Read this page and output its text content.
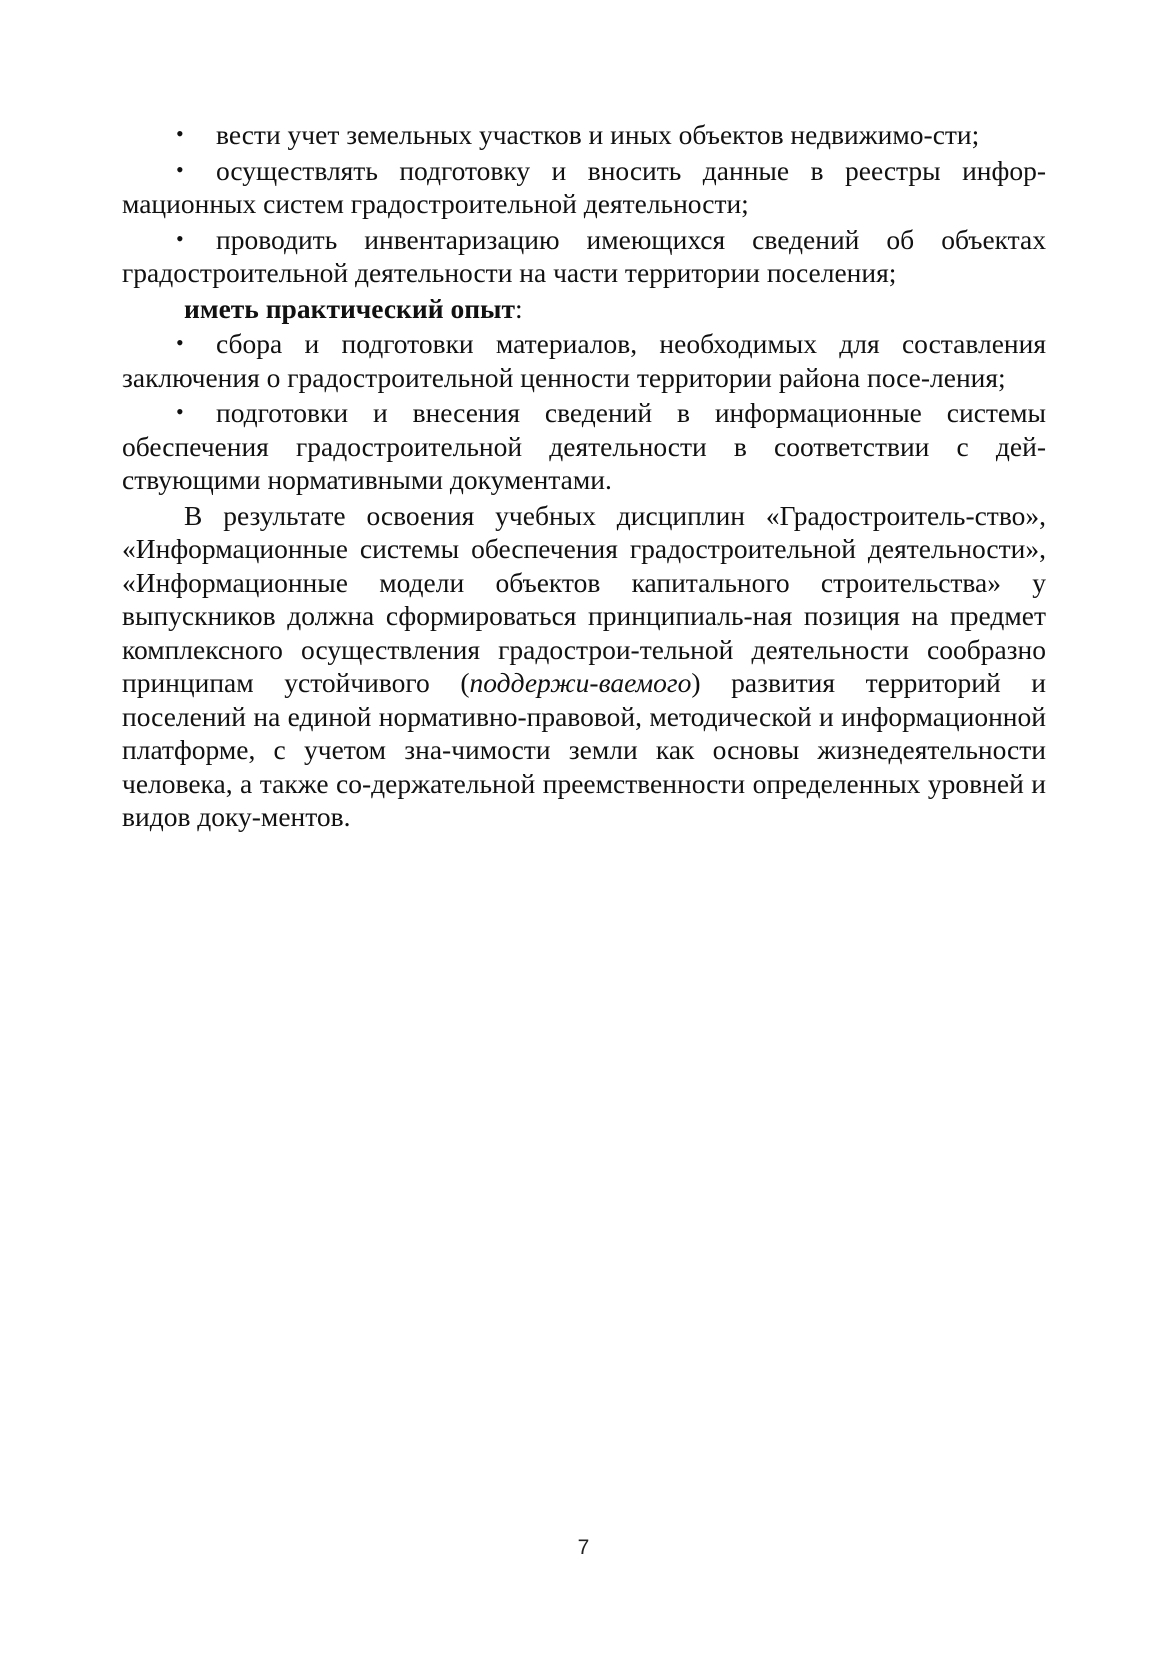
• вести учет земельных участков и иных объектов недвижимо-сти;

• осуществлять подготовку и вносить данные в реестры инфор-мационных систем градостроительной деятельности;

• проводить инвентаризацию имеющихся сведений об объектах градостроительной деятельности на части территории поселения;

иметь практический опыт:

• сбора и подготовки материалов, необходимых для составления заключения о градостроительной ценности территории района посе-ления;

• подготовки и внесения сведений в информационные системы обеспечения градостроительной деятельности в соответствии с дей-ствующими нормативными документами.

В результате освоения учебных дисциплин «Градостроитель-ство», «Информационные системы обеспечения градостроительной деятельности», «Информационные модели объектов капитального строительства» у выпускников должна сформироваться принципиаль-ная позиция на предмет комплексного осуществления градострои-тельной деятельности сообразно принципам устойчивого (поддержи-ваемого) развития территорий и поселений на единой нормативно-правовой, методической и информационной платформе, с учетом зна-чимости земли как основы жизнедеятельности человека, а также со-держательной преемственности определенных уровней и видов доку-ментов.

7
